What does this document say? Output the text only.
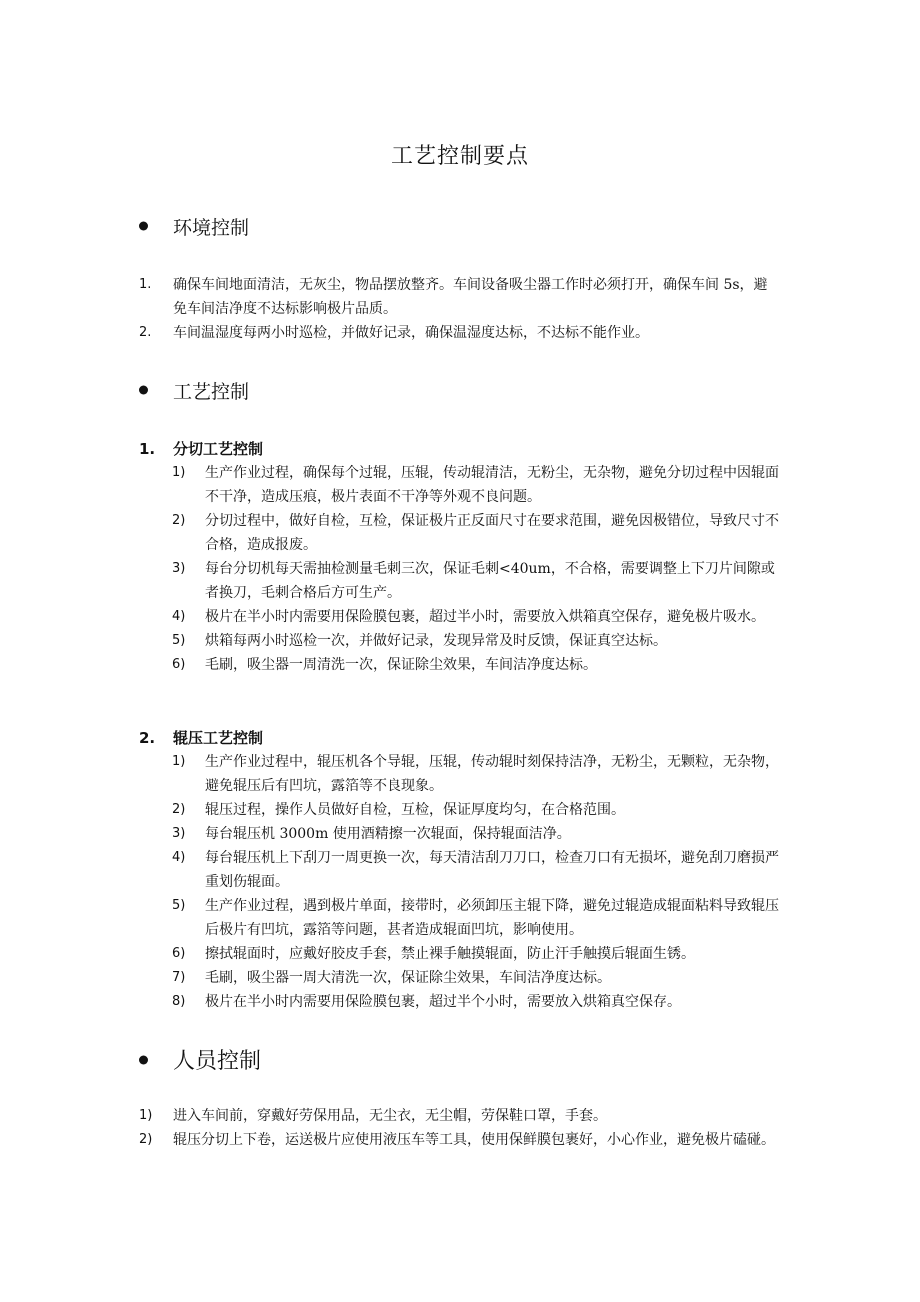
工艺控制要点
环境控制
1. 确保车间地面清洁，无灰尘，物品摆放整齐。车间设备吸尘器工作时必须打开，确保车间 5s，避免车间洁净度不达标影响极片品质。
2. 车间温湿度每两小时巡检，并做好记录，确保温湿度达标，不达标不能作业。
工艺控制
1. 分切工艺控制
1) 生产作业过程，确保每个过辊，压辊，传动辊清洁，无粉尘，无杂物，避免分切过程中因辊面不干净，造成压痕，极片表面不干净等外观不良问题。
2) 分切过程中，做好自检，互检，保证极片正反面尺寸在要求范围，避免因极错位，导致尺寸不合格，造成报废。
3) 每台分切机每天需抽检测量毛刺三次，保证毛刺<40um，不合格，需要调整上下刀片间隙或者换刀，毛刺合格后方可生产。
4) 极片在半小时内需要用保险膜包裹，超过半小时，需要放入烘箱真空保存，避免极片吸水。
5) 烘箱每两小时巡检一次，并做好记录，发现异常及时反馈，保证真空达标。
6) 毛刷，吸尘器一周清洗一次，保证除尘效果，车间洁净度达标。
2. 辊压工艺控制
1) 生产作业过程中，辊压机各个导辊，压辊，传动辊时刻保持洁净，无粉尘，无颗粒，无杂物，避免辊压后有凹坑，露箔等不良现象。
2) 辊压过程，操作人员做好自检，互检，保证厚度均匀，在合格范围。
3) 每台辊压机 3000m 使用酒精擦一次辊面，保持辊面洁净。
4) 每台辊压机上下刮刀一周更换一次，每天清洁刮刀刀口，检查刀口有无损坏，避免刮刀磨损严重划伤辊面。
5) 生产作业过程，遇到极片单面，接带时，必须卸压主辊下降，避免过辊造成辊面粘料导致辊压后极片有凹坑，露箔等问题，甚者造成辊面凹坑，影响使用。
6) 擦拭辊面时，应戴好胶皮手套，禁止裸手触摸辊面，防止汗手触摸后辊面生锈。
7) 毛刷，吸尘器一周大清洗一次，保证除尘效果，车间洁净度达标。
8) 极片在半小时内需要用保险膜包裹，超过半个小时，需要放入烘箱真空保存。
人员控制
1) 进入车间前，穿戴好劳保用品，无尘衣，无尘帽，劳保鞋口罩，手套。
2) 辊压分切上下卷，运送极片应使用液压车等工具，使用保鲜膜包裹好，小心作业，避免极片磕碰。
